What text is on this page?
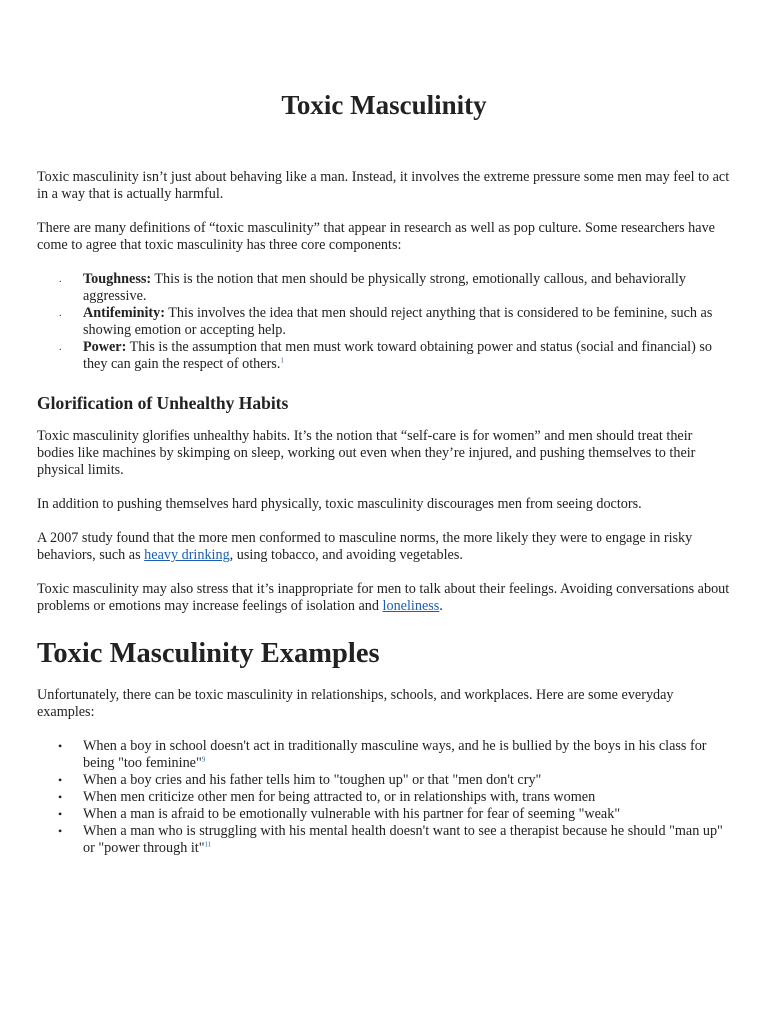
Toxic Masculinity

Toxic masculinity isn’t just about behaving like a man. Instead, it involves the extreme pressure some men may feel to act in a way that is actually harmful.

There are many definitions of “toxic masculinity” that appear in research as well as pop culture. Some researchers have come to agree that toxic masculinity has three core components:

. Toughness: This is the notion that men should be physically strong, emotionally callous, and behaviorally aggressive.
. Antifeminity: This involves the idea that men should reject anything that is considered to be feminine, such as showing emotion or accepting help.
. Power: This is the assumption that men must work toward obtaining power and status (social and financial) so they can gain the respect of others.$^1$
Glorification of Unhealthy Habits

Toxic masculinity glorifies unhealthy habits. It’s the notion that “self-care is for women” and men should treat their bodies like machines by skimping on sleep, working out even when they’re injured, and pushing themselves to their physical limits.

In addition to pushing themselves hard physically, toxic masculinity discourages men from seeing doctors.

A 2007 study found that the more men conformed to masculine norms, the more likely they were to engage in risky behaviors, such as heavy drinking, using tobacco, and avoiding vegetables.

Toxic masculinity may also stress that it’s inappropriate for men to talk about their feelings. Avoiding conversations about problems or emotions may increase feelings of isolation and loneliness.

Toxic Masculinity Examples

Unfortunately, there can be toxic masculinity in relationships, schools, and workplaces. Here are some everyday examples:

• When a boy in school doesn't act in traditionally masculine ways, and he is bullied by the boys in his class for being "too feminine"$^9$
• When a boy cries and his father tells him to "toughen up" or that "men don't cry"
• When men criticize other men for being attracted to, or in relationships with, trans women
• When a man is afraid to be emotionally vulnerable with his partner for fear of seeming "weak"
• When a man who is struggling with his mental health doesn't want to see a therapist because he should "man up" or "power through it"$^{11}$
